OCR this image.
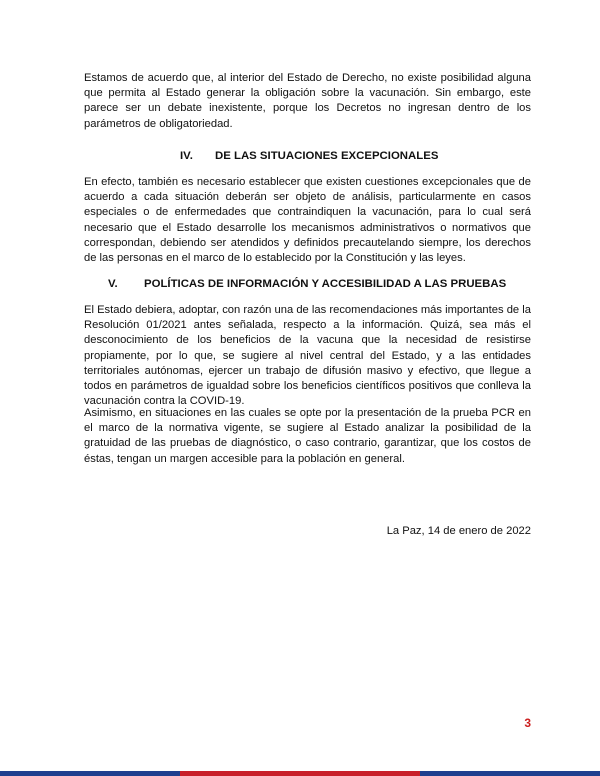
Estamos de acuerdo que, al interior del Estado de Derecho, no existe posibilidad alguna que permita al Estado generar la obligación sobre la vacunación. Sin embargo, este parece ser un debate inexistente, porque los Decretos no ingresan dentro de los parámetros de obligatoriedad.

IV. DE LAS SITUACIONES EXCEPCIONALES

En efecto, también es necesario establecer que existen cuestiones excepcionales que de acuerdo a cada situación deberán ser objeto de análisis, particularmente en casos especiales o de enfermedades que contraindiquen la vacunación, para lo cual será necesario que el Estado desarrolle los mecanismos administrativos o normativos que correspondan, debiendo ser atendidos y definidos precautelando siempre, los derechos de las personas en el marco de lo establecido por la Constitución y las leyes.

V. POLÍTICAS DE INFORMACIÓN Y ACCESIBILIDAD A LAS PRUEBAS

El Estado debiera, adoptar, con razón una de las recomendaciones más importantes de la Resolución 01/2021 antes señalada, respecto a la información. Quizá, sea más el desconocimiento de los beneficios de la vacuna que la necesidad de resistirse propiamente, por lo que, se sugiere al nivel central del Estado, y a las entidades territoriales autónomas, ejercer un trabajo de difusión masivo y efectivo, que llegue a todos en parámetros de igualdad sobre los beneficios científicos positivos que conlleva la vacunación contra la COVID-19.

Asimismo, en situaciones en las cuales se opte por la presentación de la prueba PCR en el marco de la normativa vigente, se sugiere al Estado analizar la posibilidad de la gratuidad de las pruebas de diagnóstico, o caso contrario, garantizar, que los costos de éstas, tengan un margen accesible para la población en general.

La Paz, 14 de enero de 2022

3
